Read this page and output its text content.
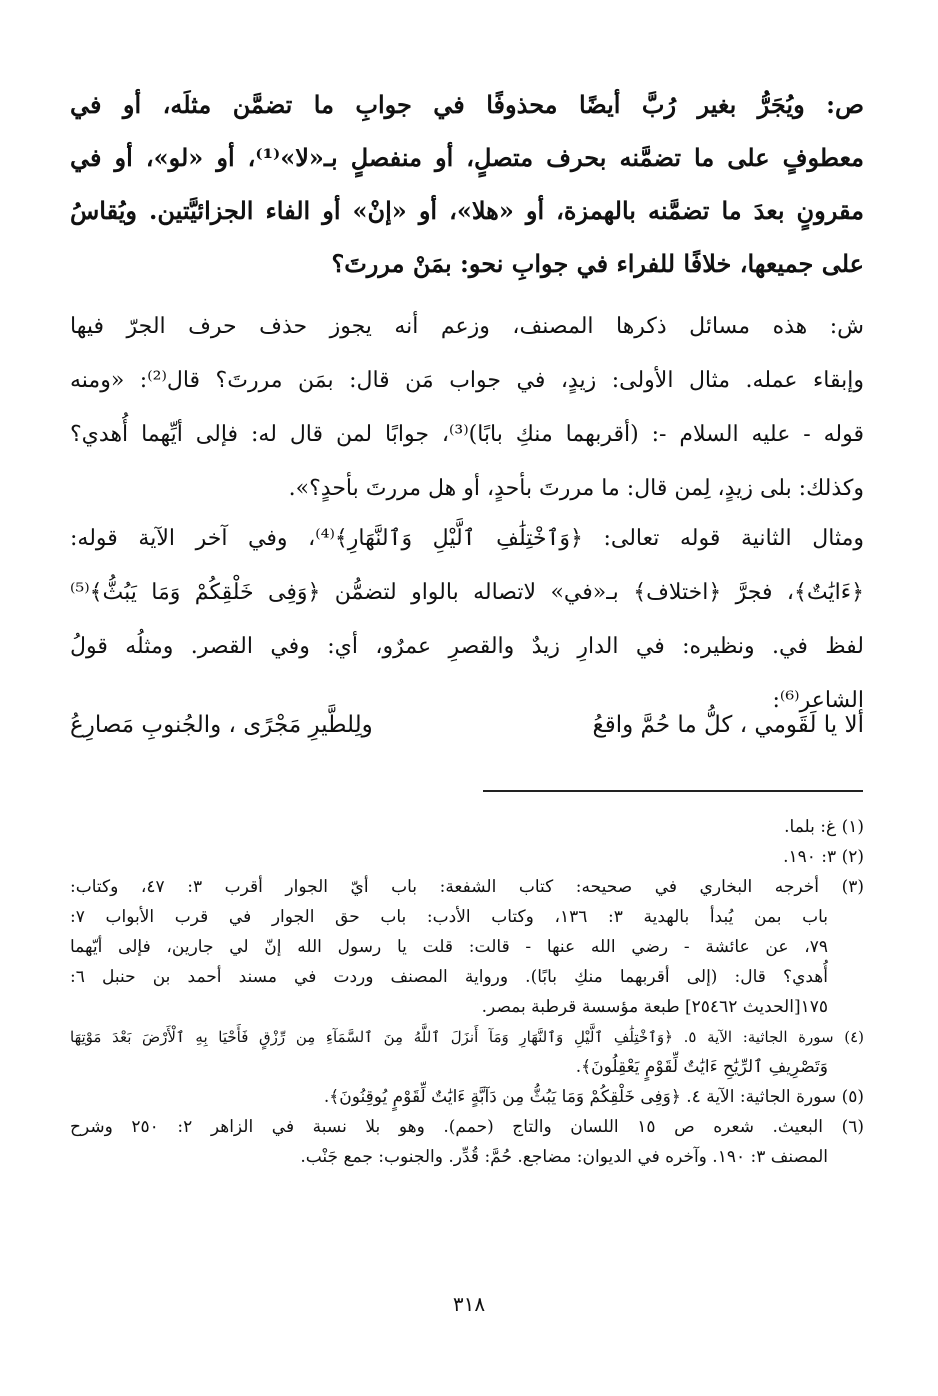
ص: ويُجَرُّ بغير رُبَّ أيضًا محذوفًا في جوابِ ما تضمَّن مثلَه، أو في
معطوفٍ على ما تضمَّنه بحرف متصلٍ، أو منفصلٍ بـ«لا»⁽¹⁾، أو «لو»، أو في
مقرونٍ بعدَ ما تضمَّنه بالهمزة، أو «هلا»، أو «إنْ» أو الفاء الجزائيَّتين. ويُقاسُ
على جميعها، خلافًا للفراء في جوابِ نحو: بمَنْ مررتَ؟
ش: هذه مسائل ذكرها المصنف، وزعم أنه يجوز حذف حرف الجرّ فيها
وإبقاء عمله. مثال الأولى: زيدٍ، في جواب مَن قال: بمَن مررتَ؟ قال⁽²⁾: «ومنه
قوله - عليه السلام -: (أقربهما منكِ بابًا)⁽³⁾، جوابًا لمن قال له: فإلى أيِّهما أُهدي؟
وكذلك: بلى زيدٍ، لِمن قال: ما مررتَ بأحدٍ، أو هل مررتَ بأحدٍ؟».
ومثال الثانية قوله تعالى: ﴿وَٱخْتِلَٰفِ ٱلَّيْلِ وَٱلنَّهَارِ﴾⁽⁴⁾، وفي آخر الآية قوله:
﴿ءَايَٰتٌ﴾، فجرَّ ﴿اختلاف﴾ بـ«في» لاتصاله بالواو لتضمُّن ﴿وَفِى خَلْقِكُمْ وَمَا يَبُثُّ﴾⁽⁵⁾
لفظ في. ونظيره: في الدارِ زيدٌ والقصرِ عمرٌو، أي: وفي القصر. ومثلُه قولُ
الشاعر⁽⁶⁾:
ألا يا لَقَومي ، كلُّ ما حُمَّ واقعُ
ولِلطَّيرِ مَجْرًى ، والجُنوبِ مَصارِعُ
(١) غ: بلما.
(٢) ٣: ١٩٠.
(٣) أخرجه البخاري في صحيحه: كتاب الشفعة: باب أيّ الجوار أقرب ٣: ٤٧، وكتاب:
باب بمن يُبدأ بالهدية ٣: ١٣٦، وكتاب الأدب: باب حق الجوار في قرب الأبواب ٧:
٧٩، عن عائشة - رضي الله عنها - قالت: قلت يا رسول الله إنّ لي جارين، فإلى أيّهما
أُهدي؟ قال: (إلى أقربهما منكِ بابًا). ورواية المصنف وردت في مسند أحمد بن حنبل ٦:
١٧٥[الحديث ٢٥٤٦٢] طبعة مؤسسة قرطبة بمصر.
(٤) سورة الجاثية: الآية ٥. ﴿وَٱخْتِلَٰفِ ٱلَّيْلِ وَٱلنَّهَارِ وَمَآ أَنزَلَ ٱللَّهُ مِنَ ٱلسَّمَآءِ مِن رِّزْقٍ فَأَحْيَا بِهِ ٱلْأَرْضَ بَعْدَ مَوْتِهَا
وَتَصْرِيفِ ٱلرِّيَٰحِ ءَايَٰتٌ لِّقَوْمٍ يَعْقِلُونَ﴾.
(٥) سورة الجاثية: الآية ٤. ﴿وَفِى خَلْقِكُمْ وَمَا يَبُثُّ مِن دَآبَّةٍ ءَايَٰتٌ لِّقَوْمٍ يُوقِنُونَ﴾.
(٦) البعيث. شعره ص ١٥ اللسان والتاج (حمم). وهو بلا نسبة في الزاهر ٢: ٢٥٠ وشرح
المصنف ٣: ١٩٠. وآخره في الديوان: مضاجع. حُمَّ: قُدِّر. والجنوب: جمع جَنْب.
٣١٨
